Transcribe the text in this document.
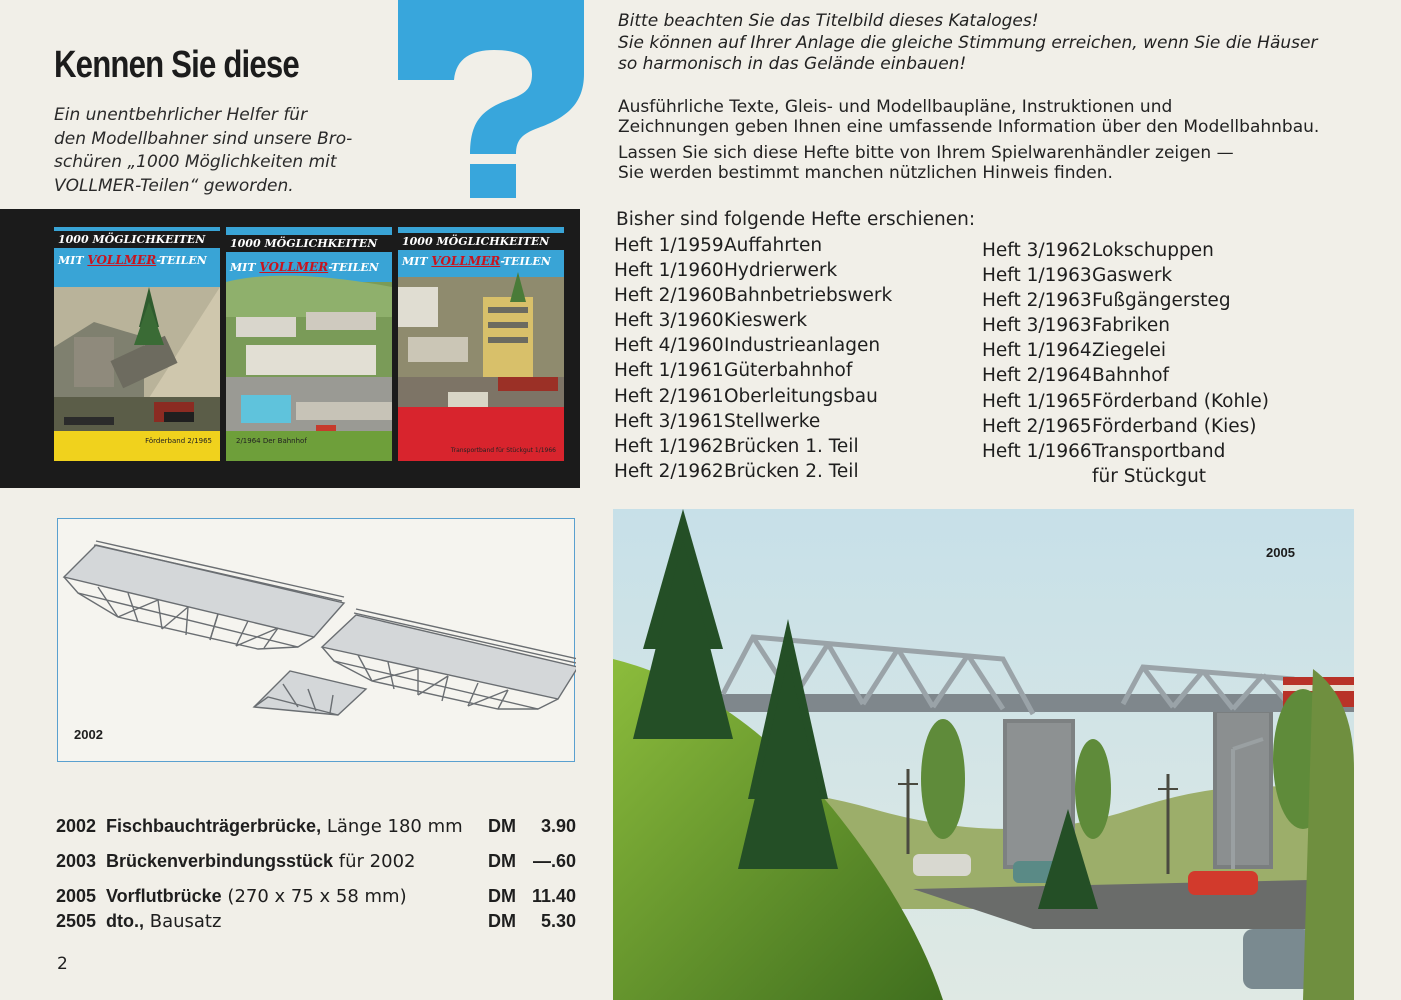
Kennen Sie diese
Ein unentbehrlicher Helfer für
den Modellbahner sind unsere Bro-
schüren „1000 Möglichkeiten mit
VOLLMER-Teilen“ geworden.
Bitte beachten Sie das Titelbild dieses Kataloges!
Sie können auf Ihrer Anlage die gleiche Stimmung erreichen, wenn Sie die Häuser
so harmonisch in das Gelände einbauen!
Ausführliche Texte, Gleis- und Modellbaupläne, Instruktionen und
Zeichnungen geben Ihnen eine umfassende Information über den Modellbahnbau.
Lassen Sie sich diese Hefte bitte von Ihrem Spielwarenhändler zeigen —
Sie werden bestimmt manchen nützlichen Hinweis finden.
Bisher sind folgende Hefte erschienen:
Heft 1/1959 Auffahrten
Heft 1/1960 Hydrierwerk
Heft 2/1960 Bahnbetriebswerk
Heft 3/1960 Kieswerk
Heft 4/1960 Industrieanlagen
Heft 1/1961 Güterbahnhof
Heft 2/1961 Oberleitungsbau
Heft 3/1961 Stellwerke
Heft 1/1962 Brücken 1. Teil
Heft 2/1962 Brücken 2. Teil
Heft 3/1962 Lokschuppen
Heft 1/1963 Gaswerk
Heft 2/1963 Fußgängersteg
Heft 3/1963 Fabriken
Heft 1/1964 Ziegelei
Heft 2/1964 Bahnhof
Heft 1/1965 Förderband (Kohle)
Heft 2/1965 Förderband (Kies)
Heft 1/1966 Transportband
für Stückgut
1000 MÖGLICHKEITEN
MIT VOLLMER-TEILEN
Förderband 2/1965
1000 MÖGLICHKEITEN
MIT VOLLMER-TEILEN
2/1964 Der Bahnhof
1000 MÖGLICHKEITEN
MIT VOLLMER-TEILEN
Transportband für Stückgut 1/1966
2002
2002 Fischbauchträgerbrücke, Länge 180 mm DM	3.90
2003 Brückenverbindungsstück für 2002	DM —.60
2005 Vorflutbrücke (270 x 75 x 58 mm)	DM 11.40
2505 dto., Bausatz	DM	5.30
2
2005
